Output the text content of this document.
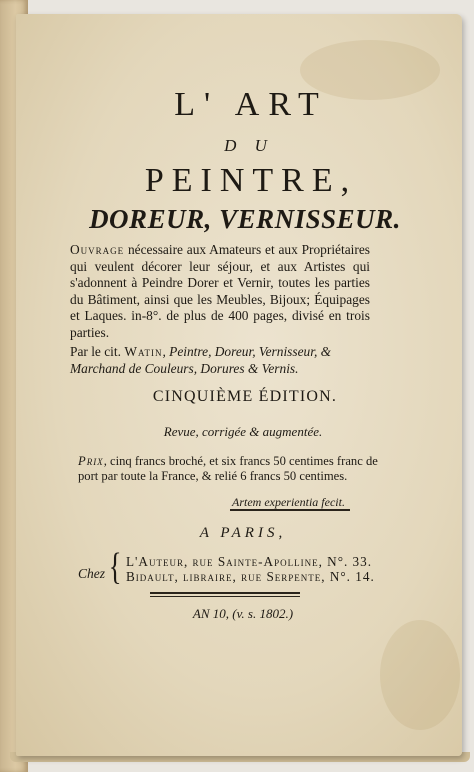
L' ART
D U
PEINTRE,
DOREUR, VERNISSEUR.
Ouvrage nécessaire aux Amateurs et aux Propriétaires qui veulent décorer leur séjour, et aux Artistes qui s'adonnent à Peindre Dorer et Vernir, toutes les parties du Bâtiment, ainsi que les Meubles, Bijoux; Équipages et Laques. in-8°. de plus de 400 pages, divisé en trois parties.
Par le cit. Watin, Peintre, Doreur, Vernisseur, & Marchand de Couleurs, Dorures & Vernis.
CINQUIÈME ÉDITION.
Revue, corrigée & augmentée.
Prix, cinq francs broché, et six francs 50 centimes franc de port par toute la France, & relié 6 francs 50 centimes.
Artem experientia fecit.
A PARIS,
Chez { L'Auteur, rue Sainte-Apolline, N°. 33.
Bidault, libraire, rue Serpente, N°. 14.
AN 10, (v. s. 1802.)
